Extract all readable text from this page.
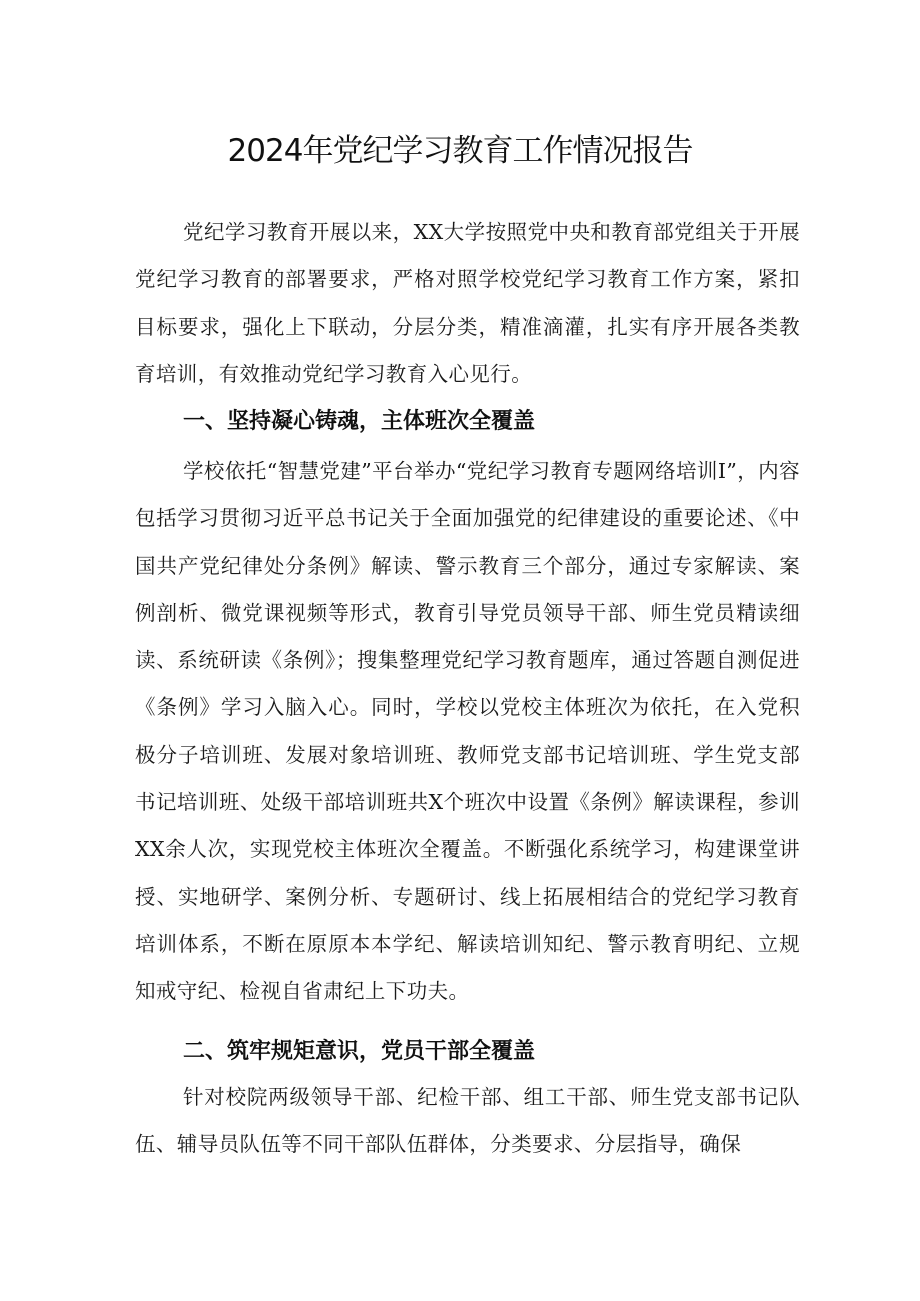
2024年党纪学习教育工作情况报告

党纪学习教育开展以来，XX大学按照党中央和教育部党组关于开展党纪学习教育的部署要求，严格对照学校党纪学习教育工作方案，紧扣目标要求，强化上下联动，分层分类，精准滴灌，扎实有序开展各类教育培训，有效推动党纪学习教育入心见行。

一、坚持凝心铸魂，主体班次全覆盖

学校依托“智慧党建”平台举办“党纪学习教育专题网络培训I”，内容包括学习贯彻习近平总书记关于全面加强党的纪律建设的重要论述、《中国共产党纪律处分条例》解读、警示教育三个部分，通过专家解读、案例剖析、微党课视频等形式，教育引导党员领导干部、师生党员精读细读、系统研读《条例》；搜集整理党纪学习教育题库，通过答题自测促进《条例》学习入脑入心。同时，学校以党校主体班次为依托，在入党积极分子培训班、发展对象培训班、教师党支部书记培训班、学生党支部书记培训班、处级干部培训班共X个班次中设置《条例》解读课程，参训XX余人次，实现党校主体班次全覆盖。不断强化系统学习，构建课堂讲授、实地研学、案例分析、专题研讨、线上拓展相结合的党纪学习教育培训体系，不断在原原本本学纪、解读培训知纪、警示教育明纪、立规知戒守纪、检视自省肃纪上下功夫。

二、筑牢规矩意识，党员干部全覆盖

针对校院两级领导干部、纪检干部、组工干部、师生党支部书记队伍、辅导员队伍等不同干部队伍群体，分类要求、分层指导，确保
